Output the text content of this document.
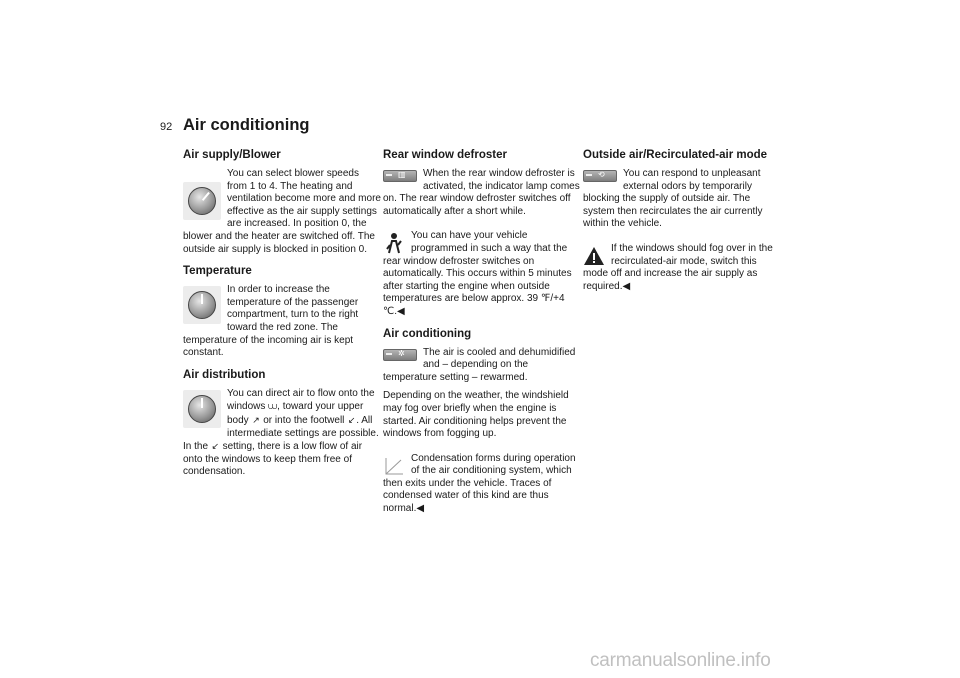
92 Air conditioning
Air supply/Blower

You can select blower speeds from 1 to 4. The heating and ventilation become more and more effective as the air supply settings are increased. In position 0, the blower and the heater are switched off. The outside air supply is blocked in position 0.

Temperature

In order to increase the temperature of the passenger compartment, turn to the right toward the red zone. The temperature of the incoming air is kept constant.

Air distribution

You can direct air to flow onto the windows ⩊, toward your upper body ↗ or into the footwell ↙. All intermediate settings are possible. In the ↙ setting, there is a low flow of air onto the windows to keep them free of condensation.

Rear window defroster
▥	When the rear window defroster is activated, the indicator lamp comes on. The rear window defroster switches off automatically after a short while.

You can have your vehicle programmed in such a way that the rear window defroster switches on automatically. This occurs within 5 minutes after starting the engine when outside temperatures are below approx. 39 ℉/+4 ℃.◀

Air conditioning
✲	The air is cooled and dehumidified and – depending on the temperature setting – rewarmed.

Depending on the weather, the windshield may fog over briefly when the engine is started. Air conditioning helps prevent the windows from fogging up.

Condensation forms during operation of the air conditioning system, which then exits under the vehicle. Traces of condensed water of this kind are thus normal.◀

Outside air/Recirculated-air mode
⟲	You can respond to unpleasant external odors by temporarily blocking the supply of outside air. The system then recirculates the air currently within the vehicle.

If the windows should fog over in the recirculated-air mode, switch this mode off and increase the air supply as required.◀

carmanualsonline.info
